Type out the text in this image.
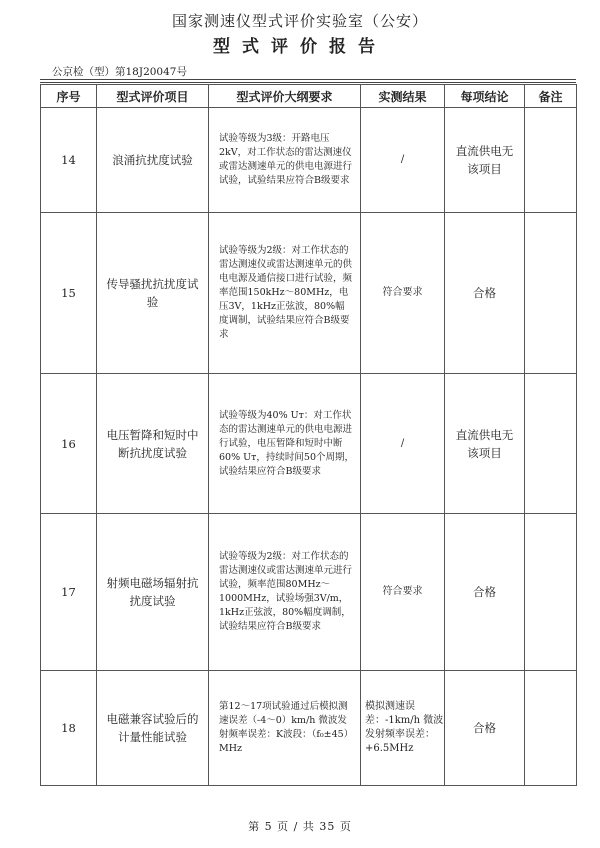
国家测速仪型式评价实验室（公安）
型式评价报告
公京检（型）第18J20047号
序号	型式评价项目	型式评价大纲要求	实测结果	每项结论	备注
14	浪涌抗扰度试验	试验等级为3级：开路电压2kV，对工作状态的雷达测速仪或雷达测速单元的供电电源进行试验，试验结果应符合B级要求	/	直流供电无该项目	
15	传导骚扰抗扰度试验	试验等级为2级：对工作状态的雷达测速仪或雷达测速单元的供电电源及通信接口进行试验，频率范围150kHz～80MHz，电压3V，1kHz正弦波，80%幅度调制，试验结果应符合B级要求	符合要求	合格	
16	电压暂降和短时中断抗扰度试验	试验等级为40% Uт：对工作状态的雷达测速单元的供电电源进行试验，电压暂降和短时中断60% Uт，持续时间50个周期，试验结果应符合B级要求	/	直流供电无该项目	
17	射频电磁场辐射抗扰度试验	试验等级为2级：对工作状态的雷达测速仪或雷达测速单元进行试验，频率范围80MHz～1000MHz，试验场强3V/m，1kHz正弦波，80%幅度调制，试验结果应符合B级要求	符合要求	合格	
18	电磁兼容试验后的计量性能试验	第12～17项试验通过后模拟测速误差（-4～0）km/h 微波发射频率误差：K波段：（f₀±45）MHz	模拟测速误差：-1km/h 微波发射频率误差：+6.5MHz	合格	
第 5 页 / 共 35 页
